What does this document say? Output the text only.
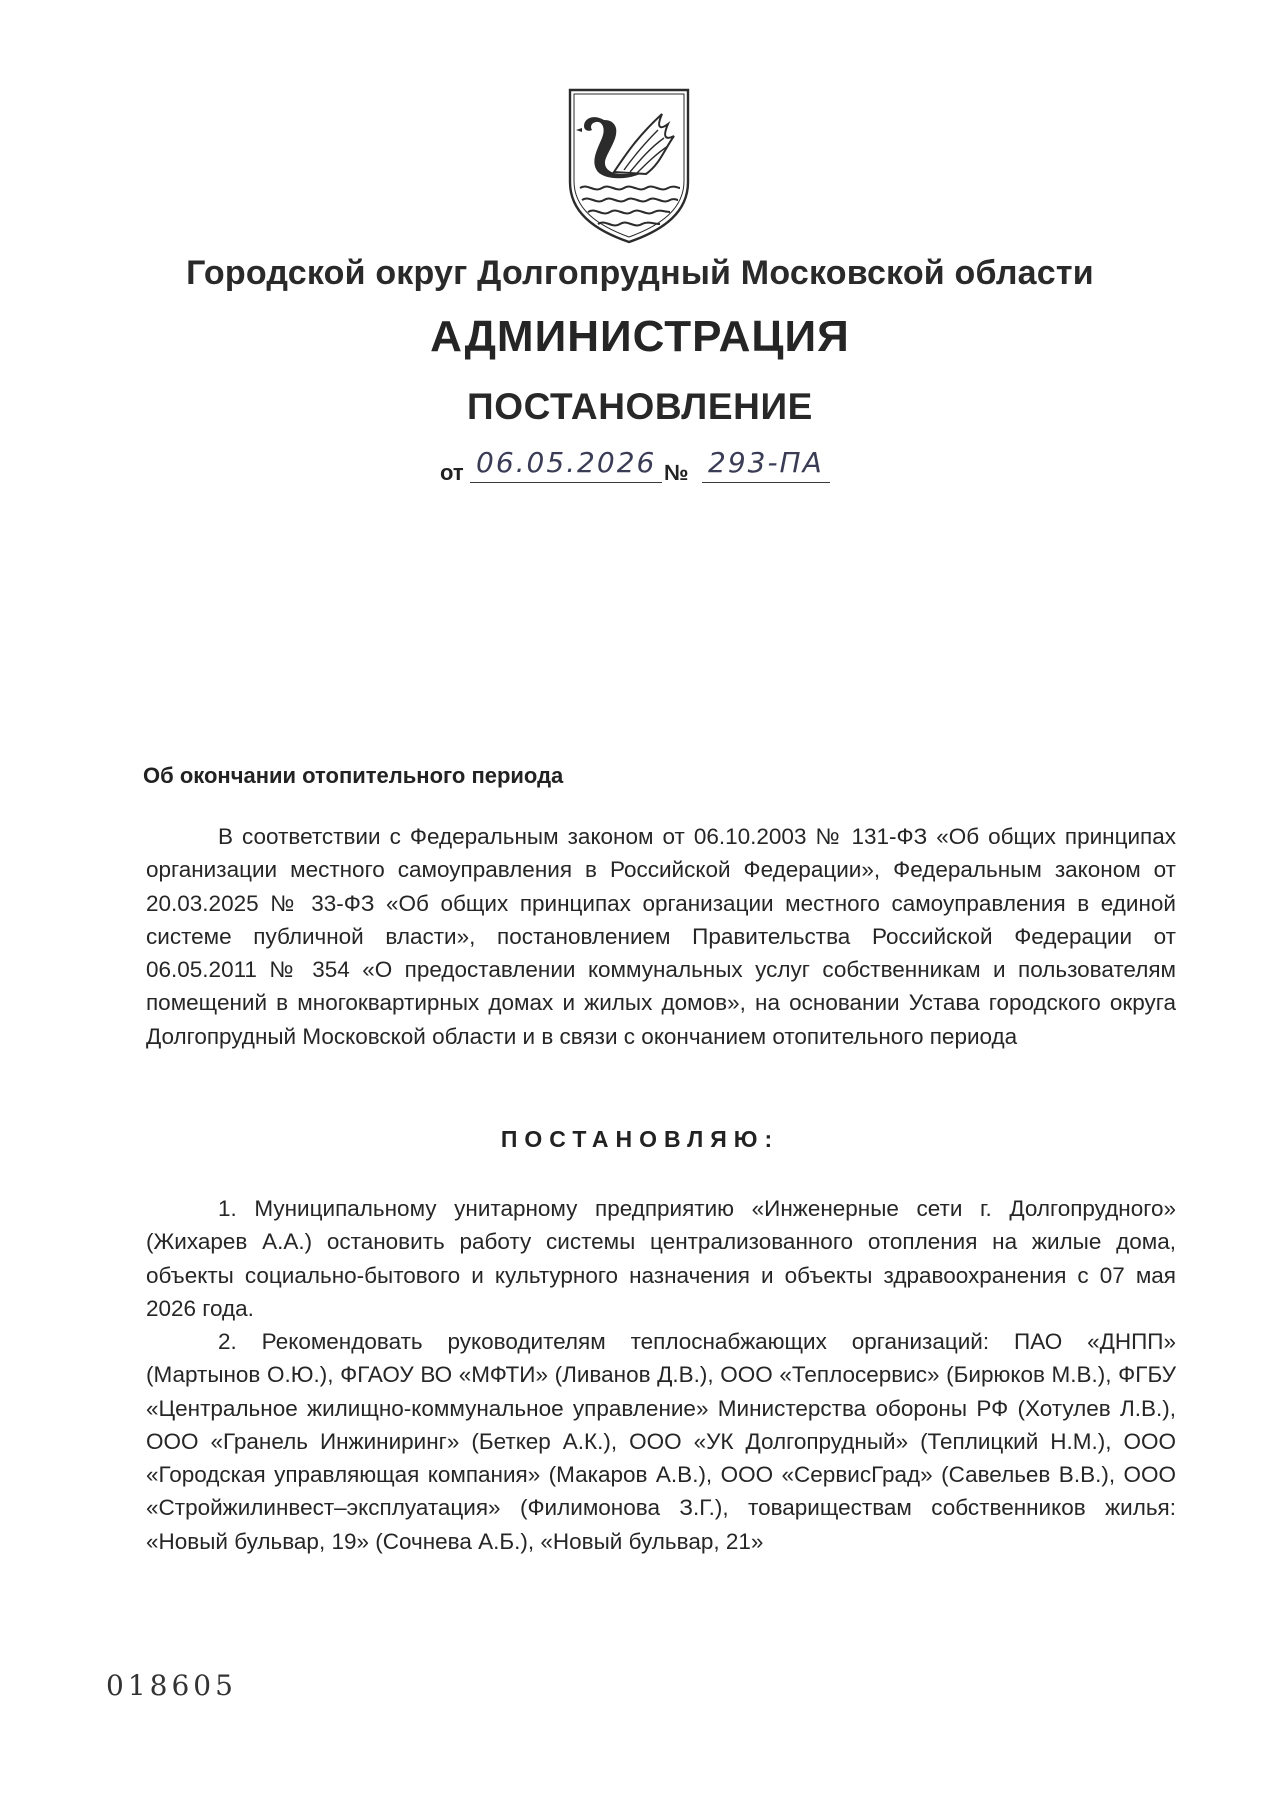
Городской округ Долгопрудный Московской области
АДМИНИСТРАЦИЯ
ПОСТАНОВЛЕНИЕ
от 06.05.2026 № 293-ПА
Об окончании отопительного периода

В соответствии с Федеральным законом от 06.10.2003 № 131-ФЗ «Об общих принципах организации местного самоуправления в Российской Федерации», Федеральным законом от 20.03.2025 № 33-ФЗ «Об общих принципах организации местного самоуправления в единой системе публичной власти», постановлением Правительства Российской Федерации от 06.05.2011 № 354 «О предоставлении коммунальных услуг собственникам и пользователям помещений в многоквартирных домах и жилых домов», на основании Устава городского округа Долгопрудный Московской области и в связи с окончанием отопительного периода

ПОСТАНОВЛЯЮ:

1. Муниципальному унитарному предприятию «Инженерные сети г. Долгопрудного» (Жихарев А.А.) остановить работу системы централизованного отопления на жилые дома, объекты социально-бытового и культурного назначения и объекты здравоохранения с 07 мая 2026 года.

2. Рекомендовать руководителям теплоснабжающих организаций: ПАО «ДНПП» (Мартынов О.Ю.), ФГАОУ ВО «МФТИ» (Ливанов Д.В.), ООО «Теплосервис» (Бирюков М.В.), ФГБУ «Центральное жилищно-коммунальное управление» Министерства обороны РФ (Хотулев Л.В.), ООО «Гранель Инжиниринг» (Беткер А.К.), ООО «УК Долгопрудный» (Теплицкий Н.М.), ООО «Городская управляющая компания» (Макаров А.В.), ООО «СервисГрад» (Савельев В.В.), ООО «Стройжилинвест–эксплуатация» (Филимонова З.Г.), товариществам собственников жилья: «Новый бульвар, 19» (Сочнева А.Б.), «Новый бульвар, 21»

018605
